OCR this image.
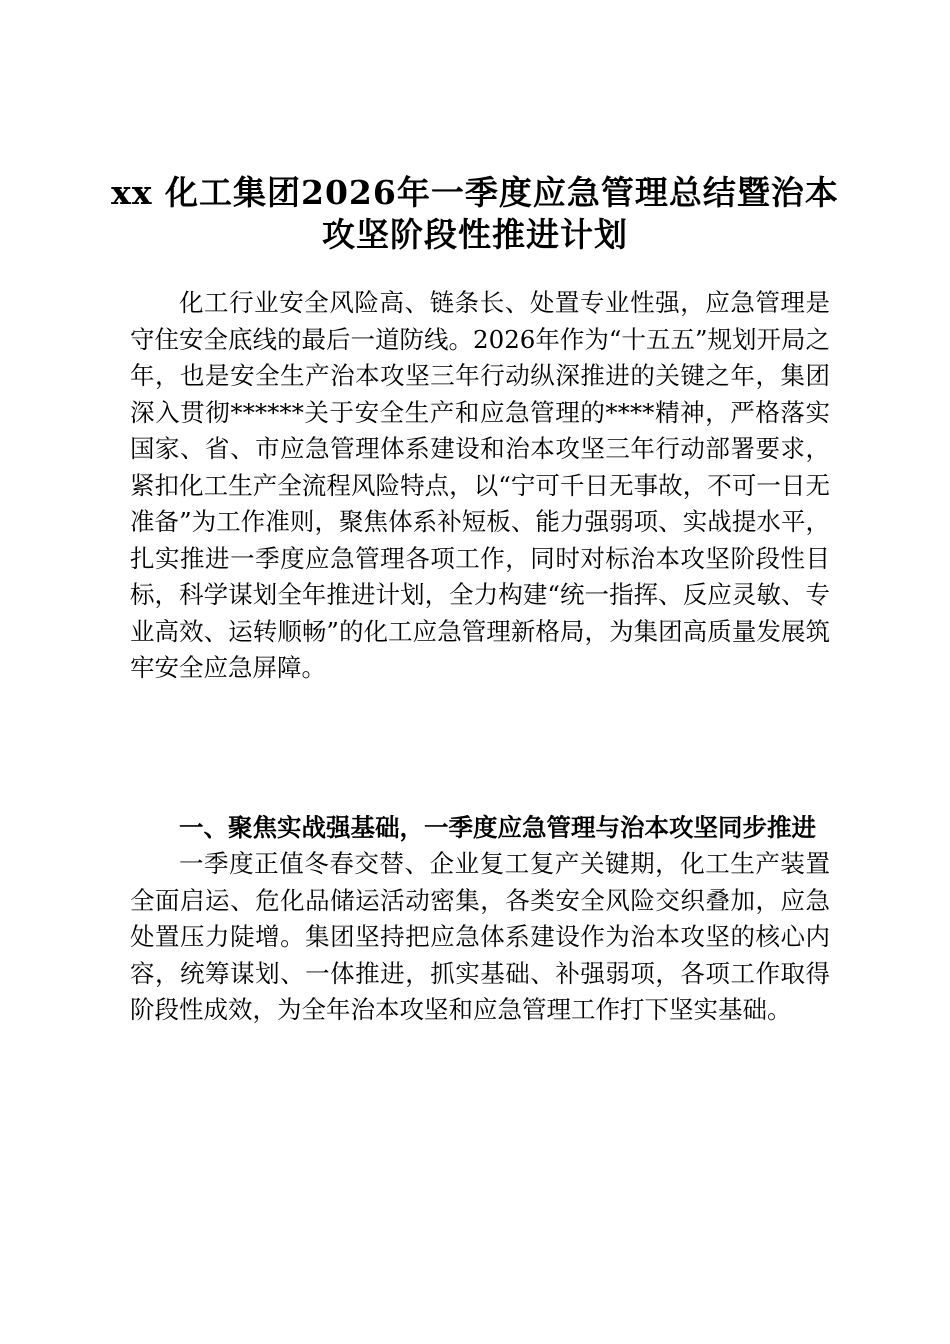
xx 化工集团2026年一季度应急管理总结暨治本攻坚阶段性推进计划

化工行业安全风险高、链条长、处置专业性强，应急管理是守住安全底线的最后一道防线。2026年作为“十五五”规划开局之年，也是安全生产治本攻坚三年行动纵深推进的关键之年，集团深入贯彻******关于安全生产和应急管理的****精神，严格落实国家、省、市应急管理体系建设和治本攻坚三年行动部署要求，紧扣化工生产全流程风险特点，以“宁可千日无事故，不可一日无准备”为工作准则，聚焦体系补短板、能力强弱项、实战提水平，扎实推进一季度应急管理各项工作，同时对标治本攻坚阶段性目标，科学谋划全年推进计划，全力构建“统一指挥、反应灵敏、专业高效、运转顺畅”的化工应急管理新格局，为集团高质量发展筑牢安全应急屏障。

一、聚焦实战强基础，一季度应急管理与治本攻坚同步推进

一季度正值冬春交替、企业复工复产关键期，化工生产装置全面启运、危化品储运活动密集，各类安全风险交织叠加，应急处置压力陡增。集团坚持把应急体系建设作为治本攻坚的核心内容，统筹谋划、一体推进，抓实基础、补强弱项，各项工作取得阶段性成效，为全年治本攻坚和应急管理工作打下坚实基础。
